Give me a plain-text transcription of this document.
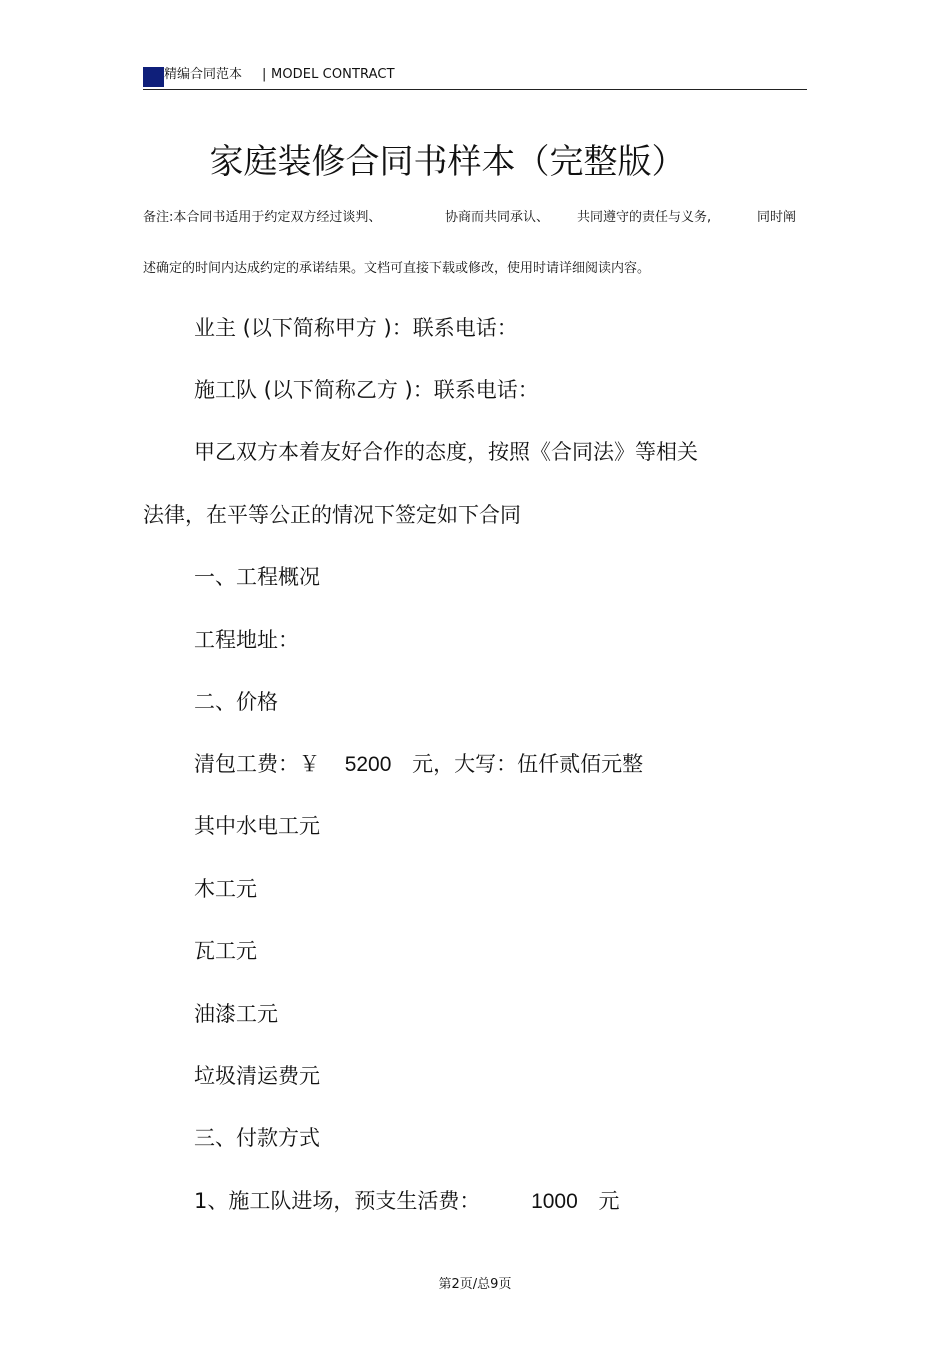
精编合同范本 | MODEL CONTRACT
家庭装修合同书样本（完整版）
备注:本合同书适用于约定双方经过谈判、	协商而共同承认、 共同遵守的责任与义务,	同时阐
述确定的时间内达成约定的承诺结果。文档可直接下载或修改，使用时请详细阅读内容。
业主 (以下简称甲方 )：联系电话：
施工队 (以下简称乙方 )：联系电话：
甲乙双方本着友好合作的态度，按照《合同法》等相关
法律，在平等公正的情况下签定如下合同
一、工程概况
工程地址：
二、价格
清包工费：￥ 5200 元，大写：伍仟贰佰元整
其中水电工元
木工元
瓦工元
油漆工元
垃圾清运费元
三、付款方式
1、施工队进场，预支生活费： 1000 元
第2页/总9页
